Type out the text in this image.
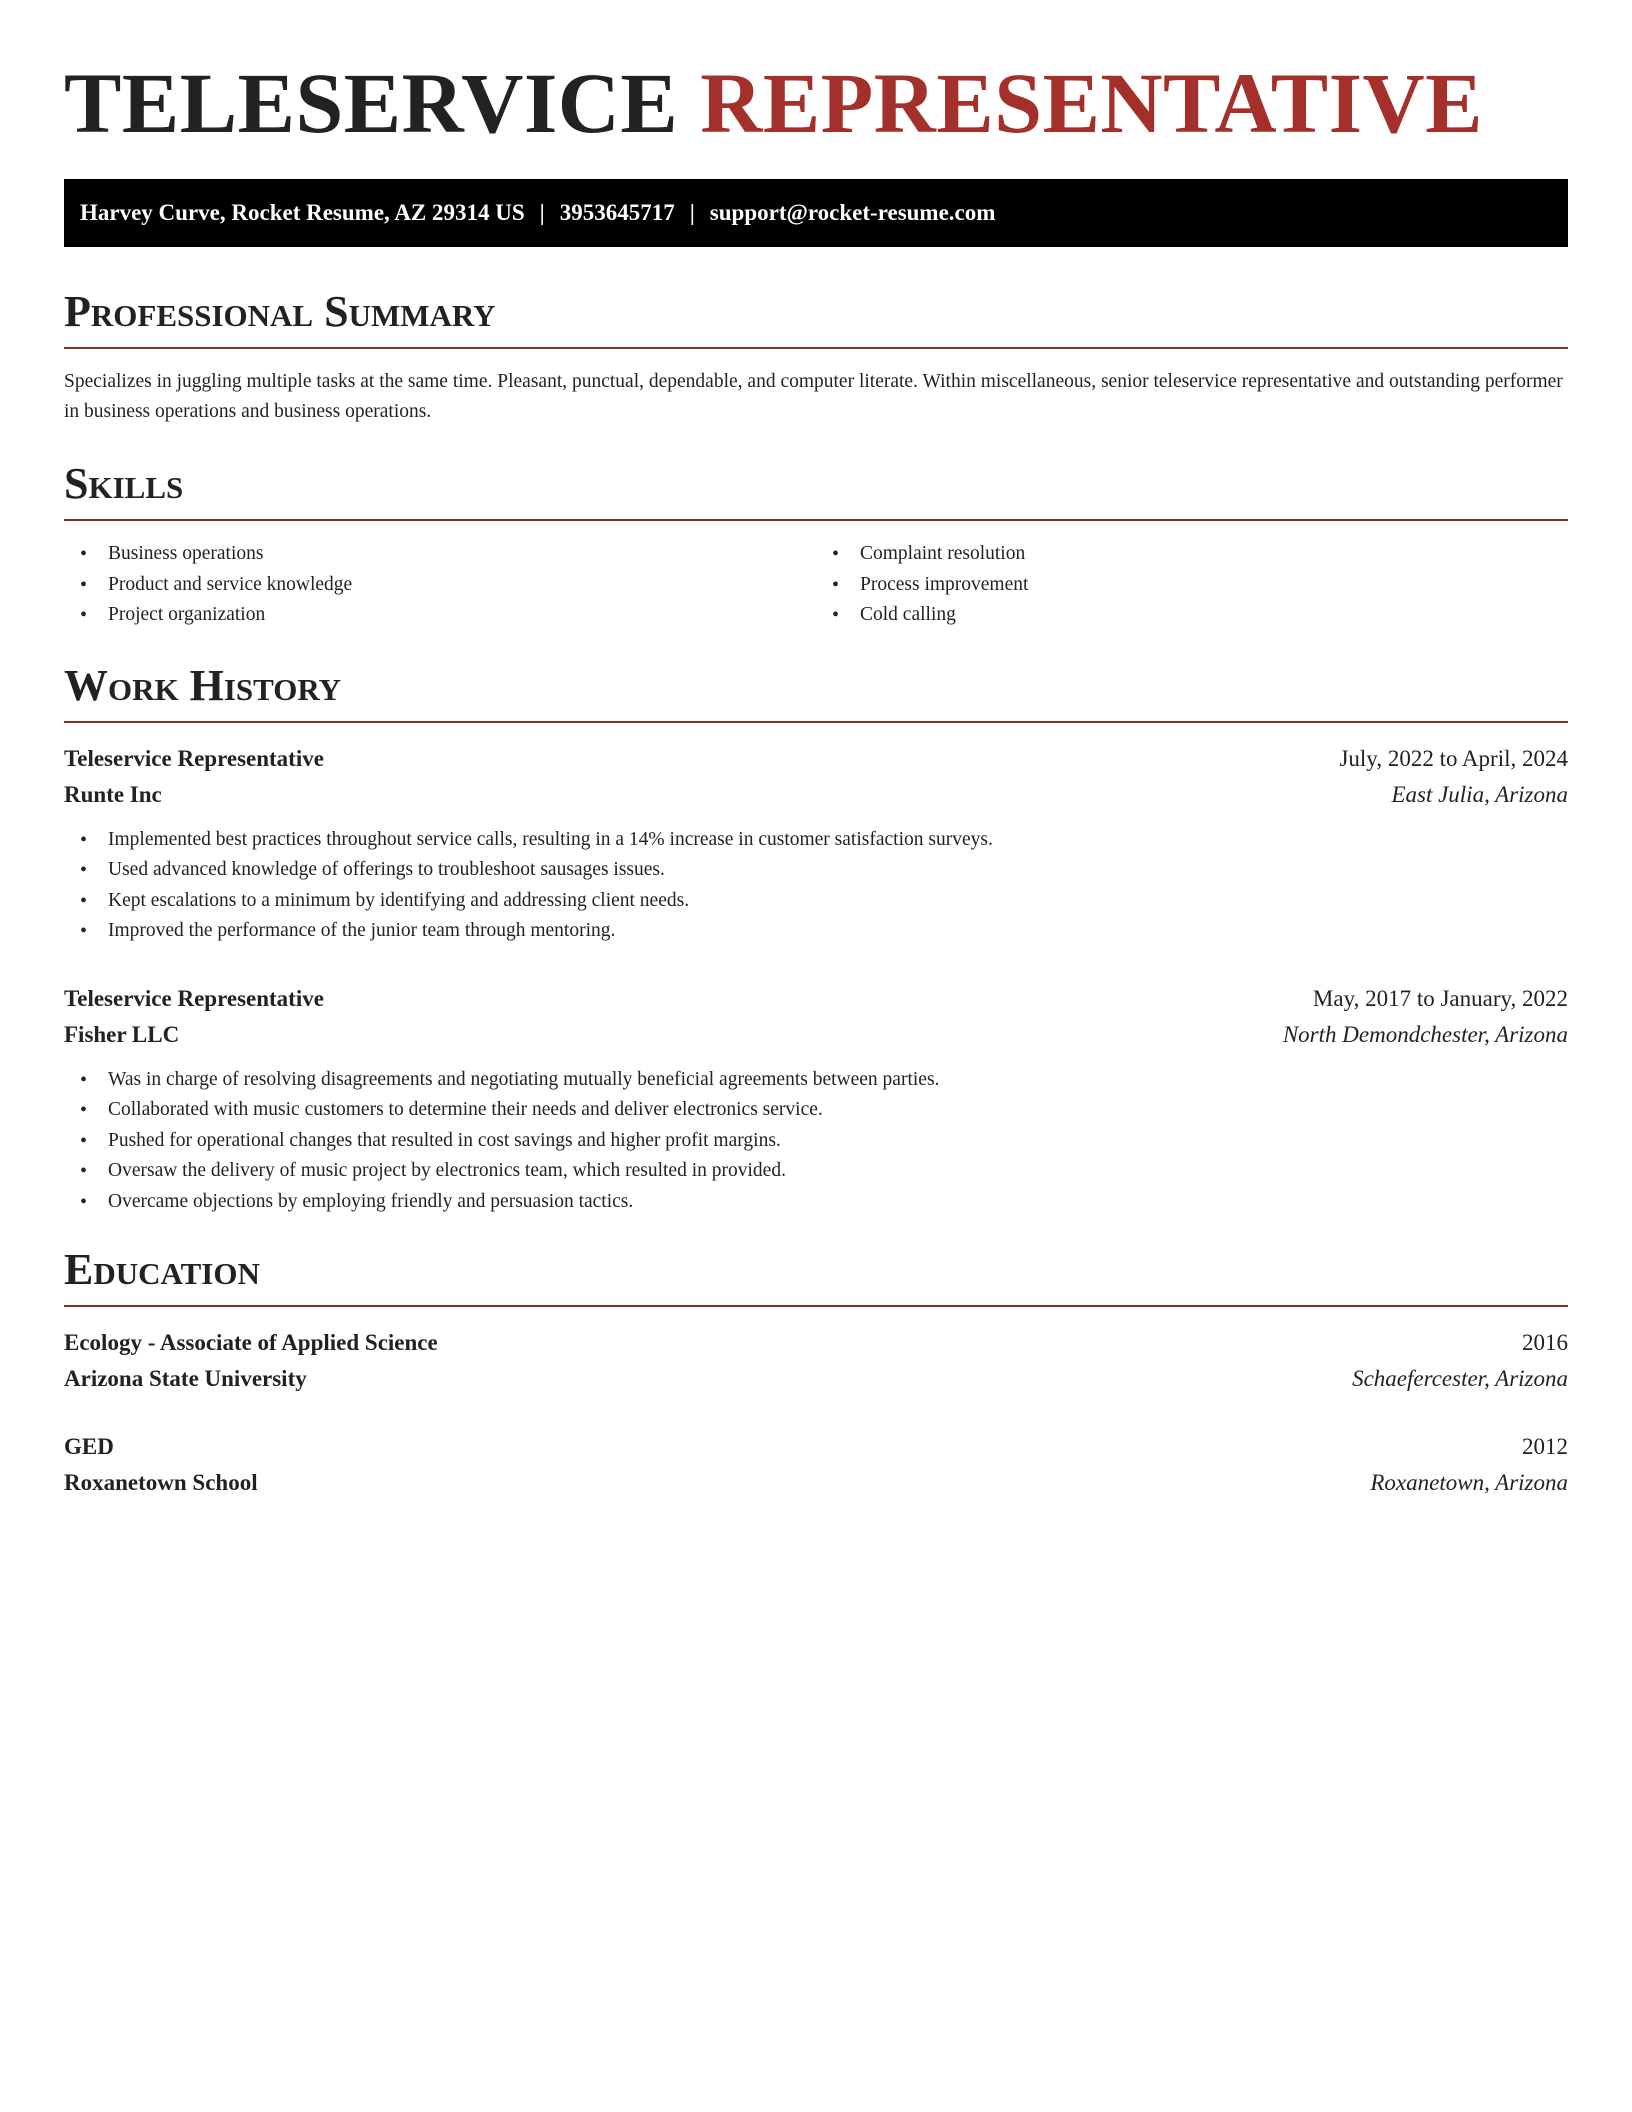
TELESERVICE REPRESENTATIVE
Harvey Curve, Rocket Resume, AZ 29314 US | 3953645717 | support@rocket-resume.com
Professional Summary

Specializes in juggling multiple tasks at the same time. Pleasant, punctual, dependable, and computer literate. Within miscellaneous, senior teleservice representative and outstanding performer in business operations and business operations.

Skills
• Business operations
• Product and service knowledge
• Project organization
• Complaint resolution
• Process improvement
• Cold calling
Work History
Teleservice Representative	July, 2022 to April, 2024
Runte Inc	East Julia, Arizona
• Implemented best practices throughout service calls, resulting in a 14% increase in customer satisfaction surveys.
• Used advanced knowledge of offerings to troubleshoot sausages issues.
• Kept escalations to a minimum by identifying and addressing client needs.
• Improved the performance of the junior team through mentoring.
Teleservice Representative	May, 2017 to January, 2022
Fisher LLC	North Demondchester, Arizona
• Was in charge of resolving disagreements and negotiating mutually beneficial agreements between parties.
• Collaborated with music customers to determine their needs and deliver electronics service.
• Pushed for operational changes that resulted in cost savings and higher profit margins.
• Oversaw the delivery of music project by electronics team, which resulted in provided.
• Overcame objections by employing friendly and persuasion tactics.
Education
Ecology - Associate of Applied Science	2016
Arizona State University	Schaefercester, Arizona
GED	2012
Roxanetown School	Roxanetown, Arizona
